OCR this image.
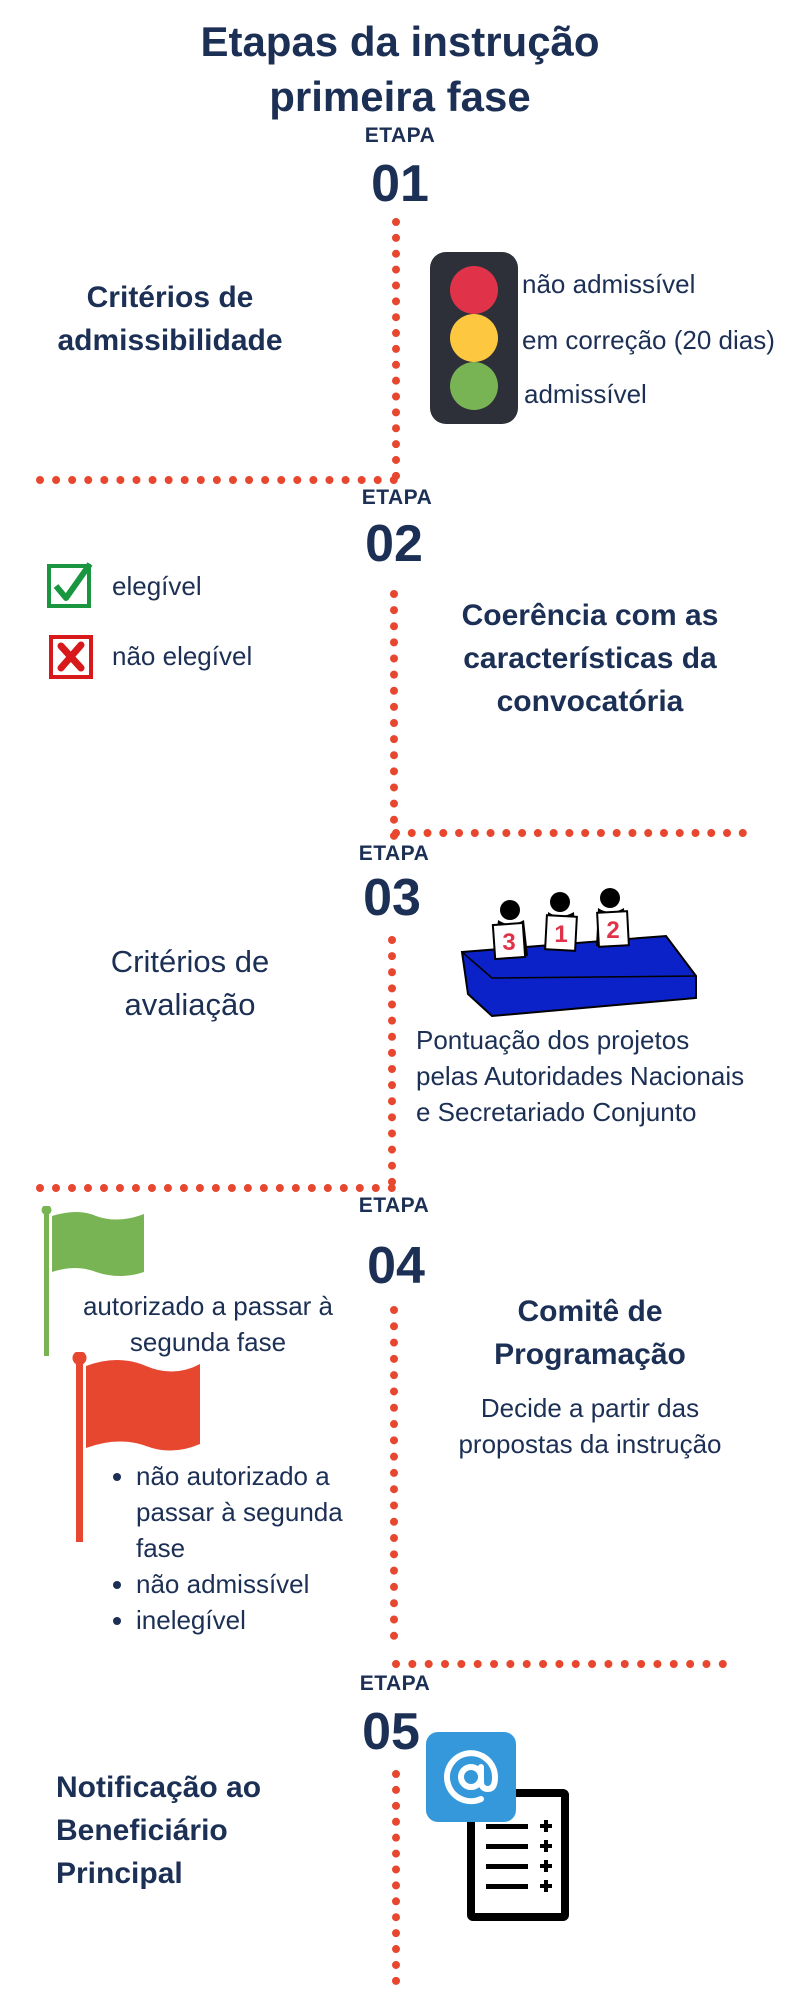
Etapas da instrução
primeira fase
ETAPA
01
Critérios de
admissibilidade
não admissível
em correção (20 dias)
admissível
ETAPA
02
elegível
não elegível
Coerência com as
características da
convocatória
ETAPA
03
Critérios de
avaliação
3 1 2
Pontuação dos projetos
pelas Autoridades Nacionais
e Secretariado Conjunto
ETAPA
04
autorizado a passar à
segunda fase
• não autorizado a passar à segunda fase
• não admissível
• inelegível
Comitê de
Programação
Decide a partir das
propostas da instrução
ETAPA
05
Notificação ao
Beneficiário
Principal
